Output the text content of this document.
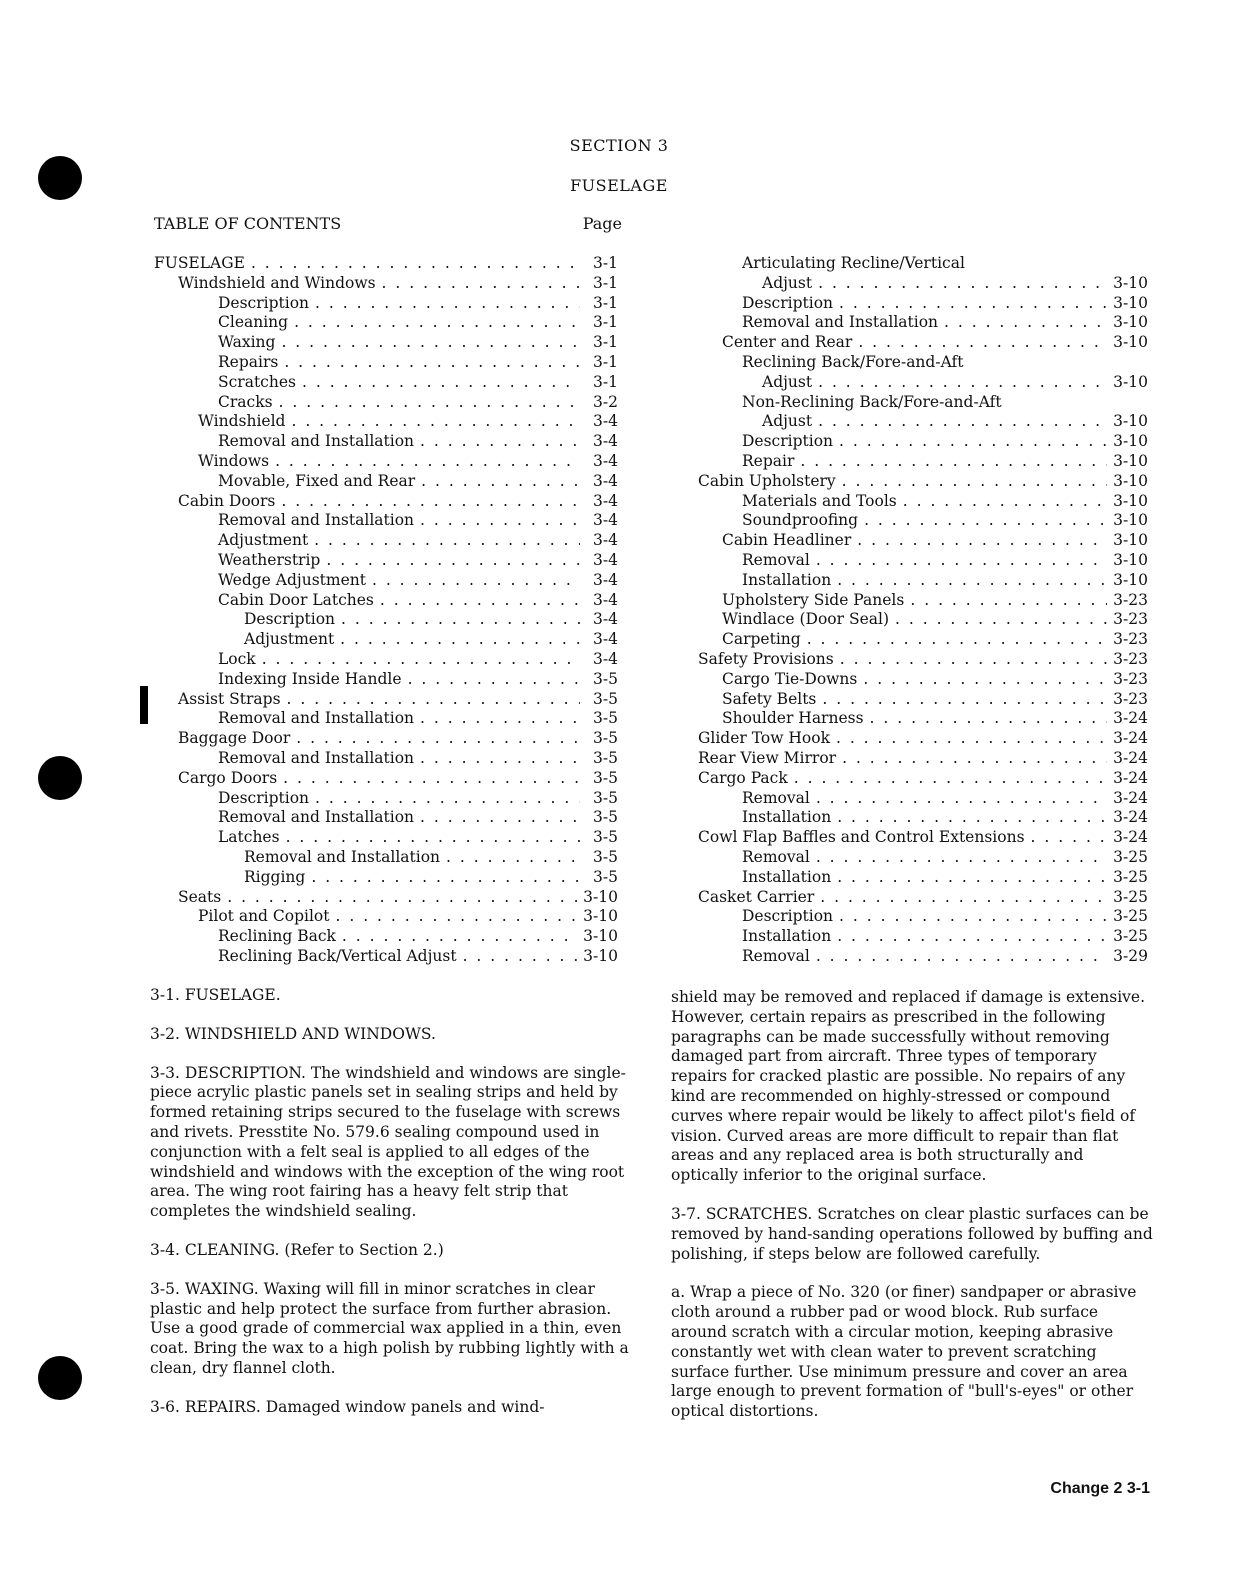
SECTION 3
FUSELAGE
TABLE OF CONTENTS	Page
FUSELAGE . . .	3-1
Windshield and Windows . . .	3-1
Description . . .	3-1
Cleaning . . .	3-1
Waxing . . .	3-1
Repairs . . .	3-1
Scratches . . .	3-1
Cracks . . .	3-2
Windshield . . .	3-4
Removal and Installation . . .	3-4
Windows . . .	3-4
Movable, Fixed and Rear . . .	3-4
Cabin Doors . . .	3-4
Removal and Installation . . .	3-4
Adjustment . . .	3-4
Weatherstrip . . .	3-4
Wedge Adjustment . . .	3-4
Cabin Door Latches . . .	3-4
Description . . .	3-4
Adjustment . . .	3-4
Lock . . .	3-4
Indexing Inside Handle . . .	3-5
Assist Straps . . .	3-5
Removal and Installation . . .	3-5
Baggage Door . . .	3-5
Removal and Installation . . .	3-5
Cargo Doors . . .	3-5
Description . . .	3-5
Removal and Installation . . .	3-5
Latches . . .	3-5
Removal and Installation . . .	3-5
Rigging . . .	3-5
Seats . . .	3-10
Pilot and Copilot . . .	3-10
Reclining Back . . .	3-10
Reclining Back/Vertical Adjust . . .	3-10
Articulating Recline/Vertical
Adjust . . .	3-10
Description . . .	3-10
Removal and Installation . . .	3-10
Center and Rear . . .	3-10
Reclining Back/Fore-and-Aft
Adjust . . .	3-10
Non-Reclining Back/Fore-and-Aft
Adjust . . .	3-10
Description . . .	3-10
Repair . . .	3-10
Cabin Upholstery . . .	3-10
Materials and Tools . . .	3-10
Soundproofing . . .	3-10
Cabin Headliner . . .	3-10
Removal . . .	3-10
Installation . . .	3-10
Upholstery Side Panels . . .	3-23
Windlace (Door Seal) . . .	3-23
Carpeting . . .	3-23
Safety Provisions . . .	3-23
Cargo Tie-Downs . . .	3-23
Safety Belts . . .	3-23
Shoulder Harness . . .	3-24
Glider Tow Hook . . .	3-24
Rear View Mirror . . .	3-24
Cargo Pack . . .	3-24
Removal . . .	3-24
Installation . . .	3-24
Cowl Flap Baffles and Control Extensions . . .	3-24
Removal . . .	3-25
Installation . . .	3-25
Casket Carrier . . .	3-25
Description . . .	3-25
Installation . . .	3-25
Removal . . .	3-29

3-1. FUSELAGE.

3-2. WINDSHIELD AND WINDOWS.

3-3. DESCRIPTION. The windshield and windows are single-piece acrylic plastic panels set in sealing strips and held by formed retaining strips secured to the fuselage with screws and rivets. Presstite No. 579.6 sealing compound used in conjunction with a felt seal is applied to all edges of the windshield and windows with the exception of the wing root area. The wing root fairing has a heavy felt strip that completes the windshield sealing.

3-4. CLEANING. (Refer to Section 2.)

3-5. WAXING. Waxing will fill in minor scratches in clear plastic and help protect the surface from further abrasion. Use a good grade of commercial wax applied in a thin, even coat. Bring the wax to a high polish by rubbing lightly with a clean, dry flannel cloth.

3-6. REPAIRS. Damaged window panels and wind-

shield may be removed and replaced if damage is extensive. However, certain repairs as prescribed in the following paragraphs can be made successfully without removing damaged part from aircraft. Three types of temporary repairs for cracked plastic are possible. No repairs of any kind are recommended on highly-stressed or compound curves where repair would be likely to affect pilot's field of vision. Curved areas are more difficult to repair than flat areas and any replaced area is both structurally and optically inferior to the original surface.

3-7. SCRATCHES. Scratches on clear plastic surfaces can be removed by hand-sanding operations followed by buffing and polishing, if steps below are followed carefully.

a. Wrap a piece of No. 320 (or finer) sandpaper or abrasive cloth around a rubber pad or wood block. Rub surface around scratch with a circular motion, keeping abrasive constantly wet with clean water to prevent scratching surface further. Use minimum pressure and cover an area large enough to prevent formation of "bull's-eyes" or other optical distortions.

Change 2 3-1
